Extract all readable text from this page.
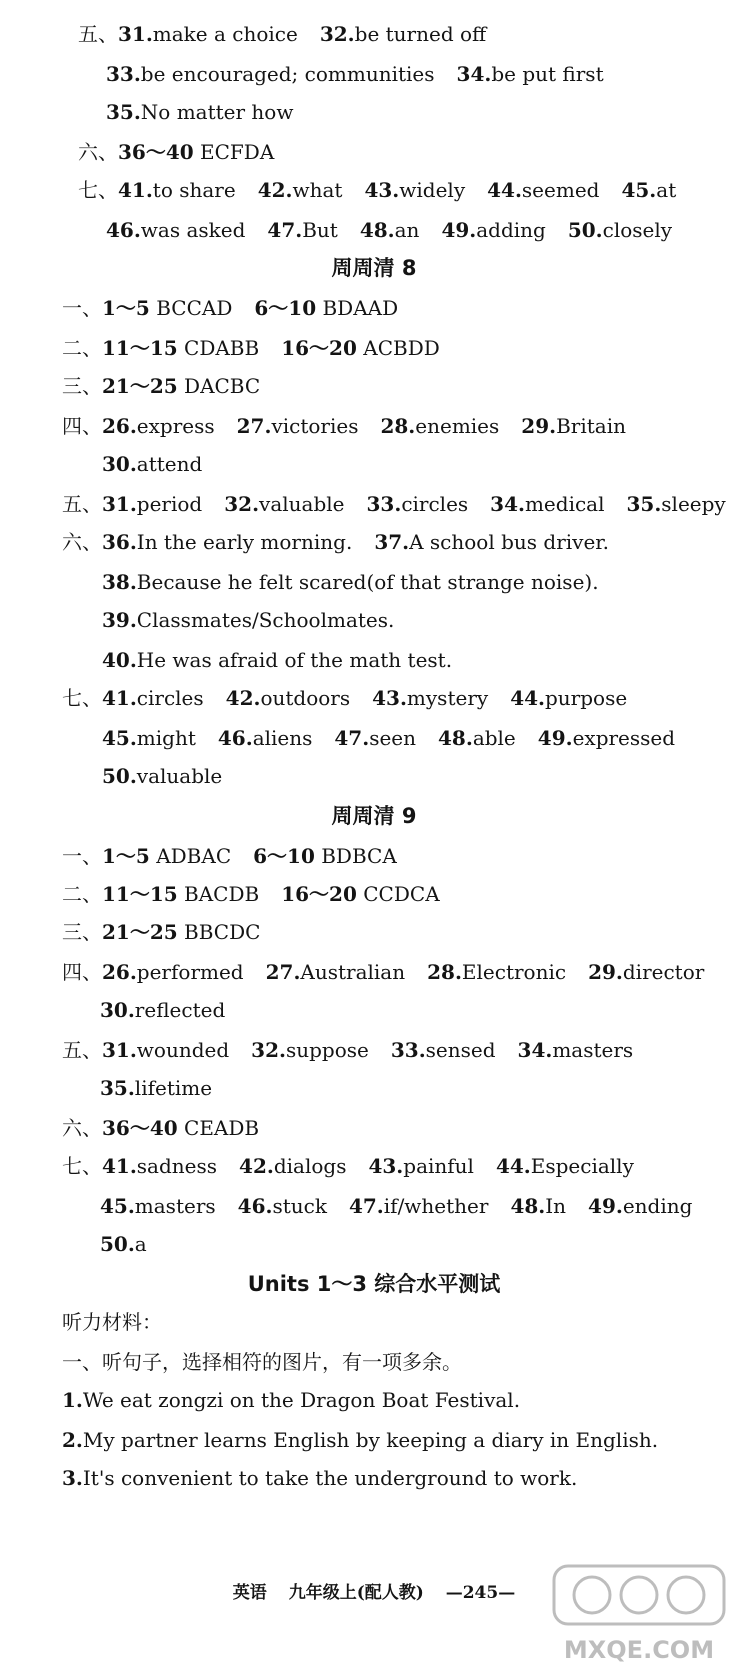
五、31.make a choice 32.be turned off
33.be encouraged; communities 34.be put first
35.No matter how
六、36～40 ECFDA
七、41.to share 42.what 43.widely 44.seemed 45.at
46.was asked 47.But 48.an 49.adding 50.closely
周周清 8
一、1～5 BCCAD 6～10 BDAAD
二、11～15 CDABB 16～20 ACBDD
三、21～25 DACBC
四、26.express 27.victories 28.enemies 29.Britain
30.attend
五、31.period 32.valuable 33.circles 34.medical 35.sleepy
六、36.In the early morning. 37.A school bus driver.
38.Because he felt scared(of that strange noise).
39.Classmates/Schoolmates.
40.He was afraid of the math test.
七、41.circles 42.outdoors 43.mystery 44.purpose
45.might 46.aliens 47.seen 48.able 49.expressed
50.valuable
周周清 9
一、1～5 ADBAC 6～10 BDBCA
二、11～15 BACDB 16～20 CCDCA
三、21～25 BBCDC
四、26.performed 27.Australian 28.Electronic 29.director
30.reflected
五、31.wounded 32.suppose 33.sensed 34.masters
35.lifetime
六、36～40 CEADB
七、41.sadness 42.dialogs 43.painful 44.Especially
45.masters 46.stuck 47.if/whether 48.In 49.ending
50.a
Units 1～3 综合水平测试
听力材料：
一、听句子，选择相符的图片，有一项多余。
1.We eat zongzi on the Dragon Boat Festival.
2.My partner learns English by keeping a diary in English.
3.It's convenient to take the underground to work.
英语 九年级上(配人教) —245—
MXQE.COM
